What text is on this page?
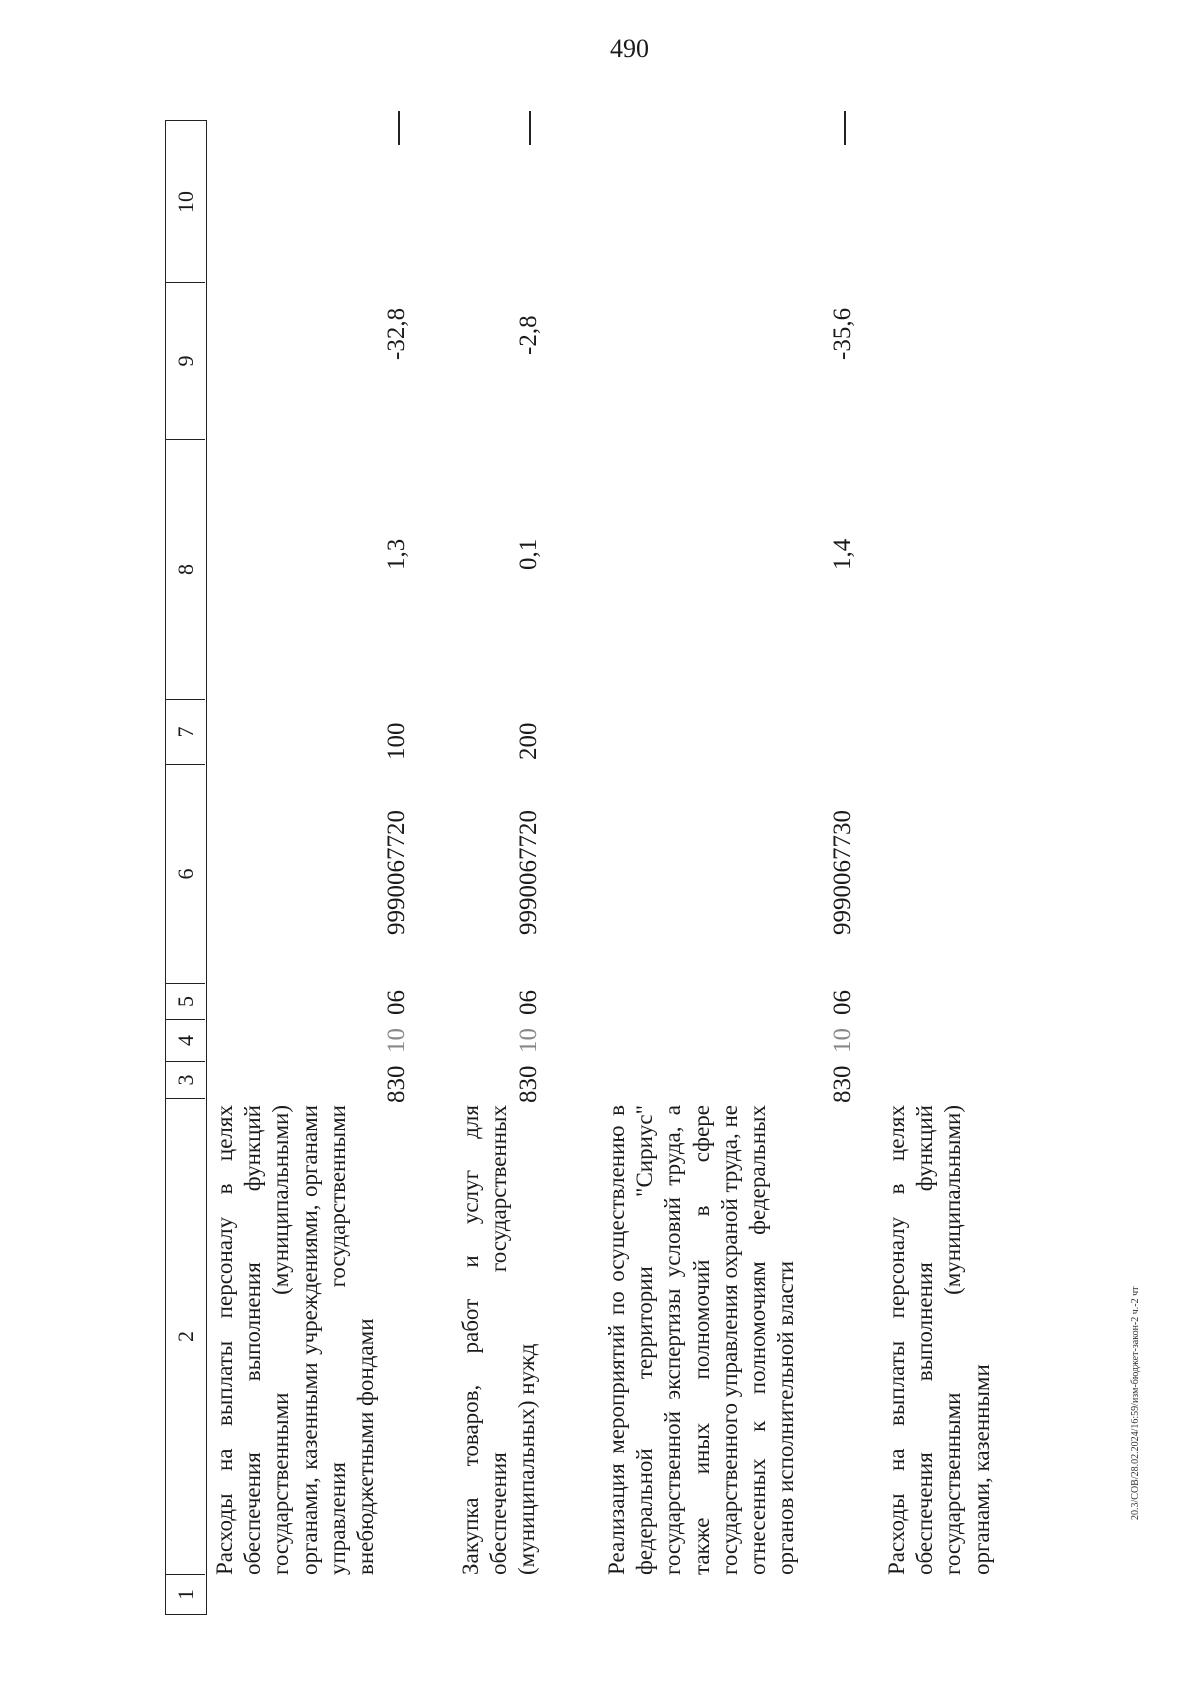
490
20.3/СОВ/28.02.2024/16:59/изм-бюджет-закон-2 ч.-2 чт
1
2
3
4
5
6
7
8
9
10
Расходы на выплаты персоналу в целях обеспечения выполнения функций государственными (муниципальными) органами, казенными учреждениями, органами управления государственными внебюджетными фондами
830
10
06
9990067720
100
1,3
-32,8
Закупка товаров, работ и услуг для обеспечения государственных (муниципальных) нужд
830
10
06
9990067720
200
0,1
-2,8
Реализация мероприятий по осуществлению в федеральной территории "Сириус" государственной экспертизы условий труда, а также иных полномочий в сфере государственного управления охраной труда, не отнесенных к полномочиям федеральных органов исполнительной власти
830
10
06
9990067730
1,4
-35,6
Расходы на выплаты персоналу в целях обеспечения выполнения функций государственными (муниципальными) органами, казенными
